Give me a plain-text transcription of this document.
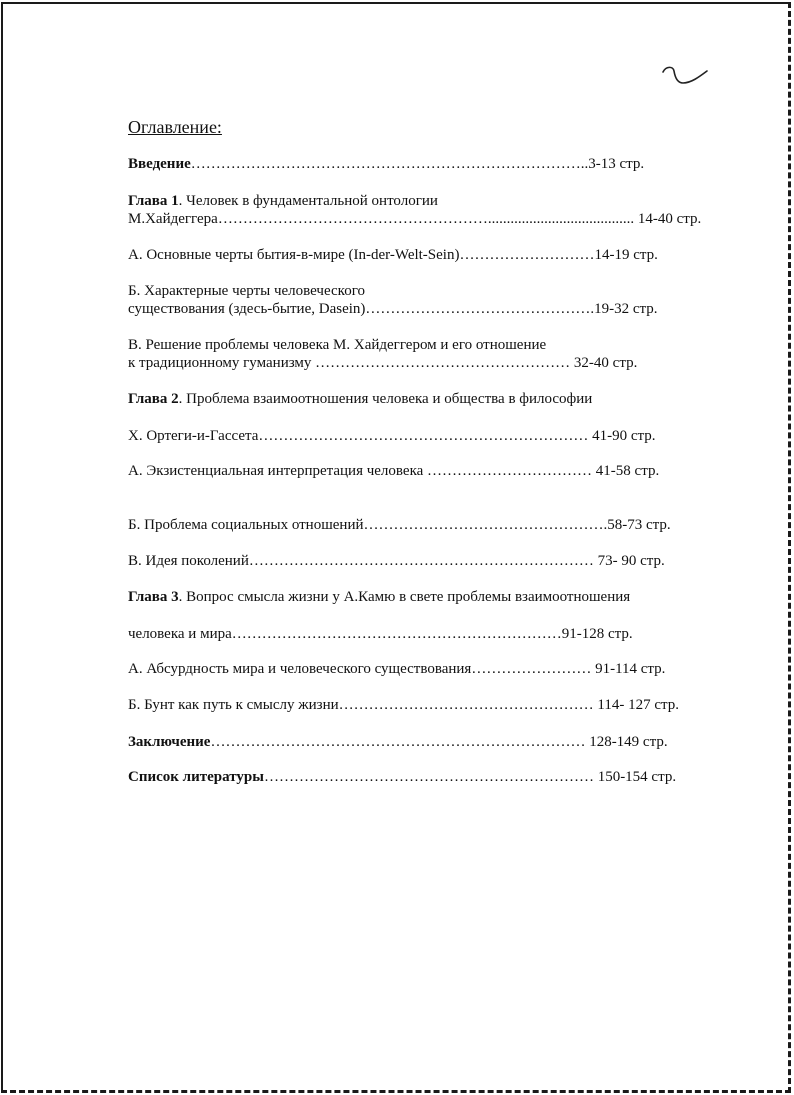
Оглавление:
Введение……………………………………………………………………..3-13 стр.
Глава 1. Человек в фундаментальной онтологии
М.Хайдеггера………………………………………………....................................... 14-40 стр.
А. Основные черты бытия-в-мире (In-der-Welt-Sein)………………………14-19 стр.
Б. Характерные черты человеческого
существования (здесь-бытие, Dasein)……………………………………….19-32 стр.
В. Решение проблемы человека М. Хайдеггером и его отношение
к традиционному гуманизму …………………………………………… 32-40 стр.
Глава 2. Проблема взаимоотношения человека и общества в философии
Х. Ортеги-и-Гассета………………………………………………………… 41-90 стр.
А. Экзистенциальная интерпретация человека …………………………… 41-58 стр.
Б. Проблема социальных отношений………………………………………….58-73 стр.
В. Идея поколений…………………………………………………………… 73- 90 стр.
Глава 3. Вопрос смысла жизни у А.Камю в свете проблемы взаимоотношения
человека и мира…………………………………………………………91-128 стр.
А. Абсурдность мира и человеческого существования…………………… 91-114 стр.
Б. Бунт как путь к смыслу жизни…………………………………………… 114- 127 стр.
Заключение………………………………………………………………… 128-149 стр.
Список литературы………………………………………………………… 150-154 стр.
